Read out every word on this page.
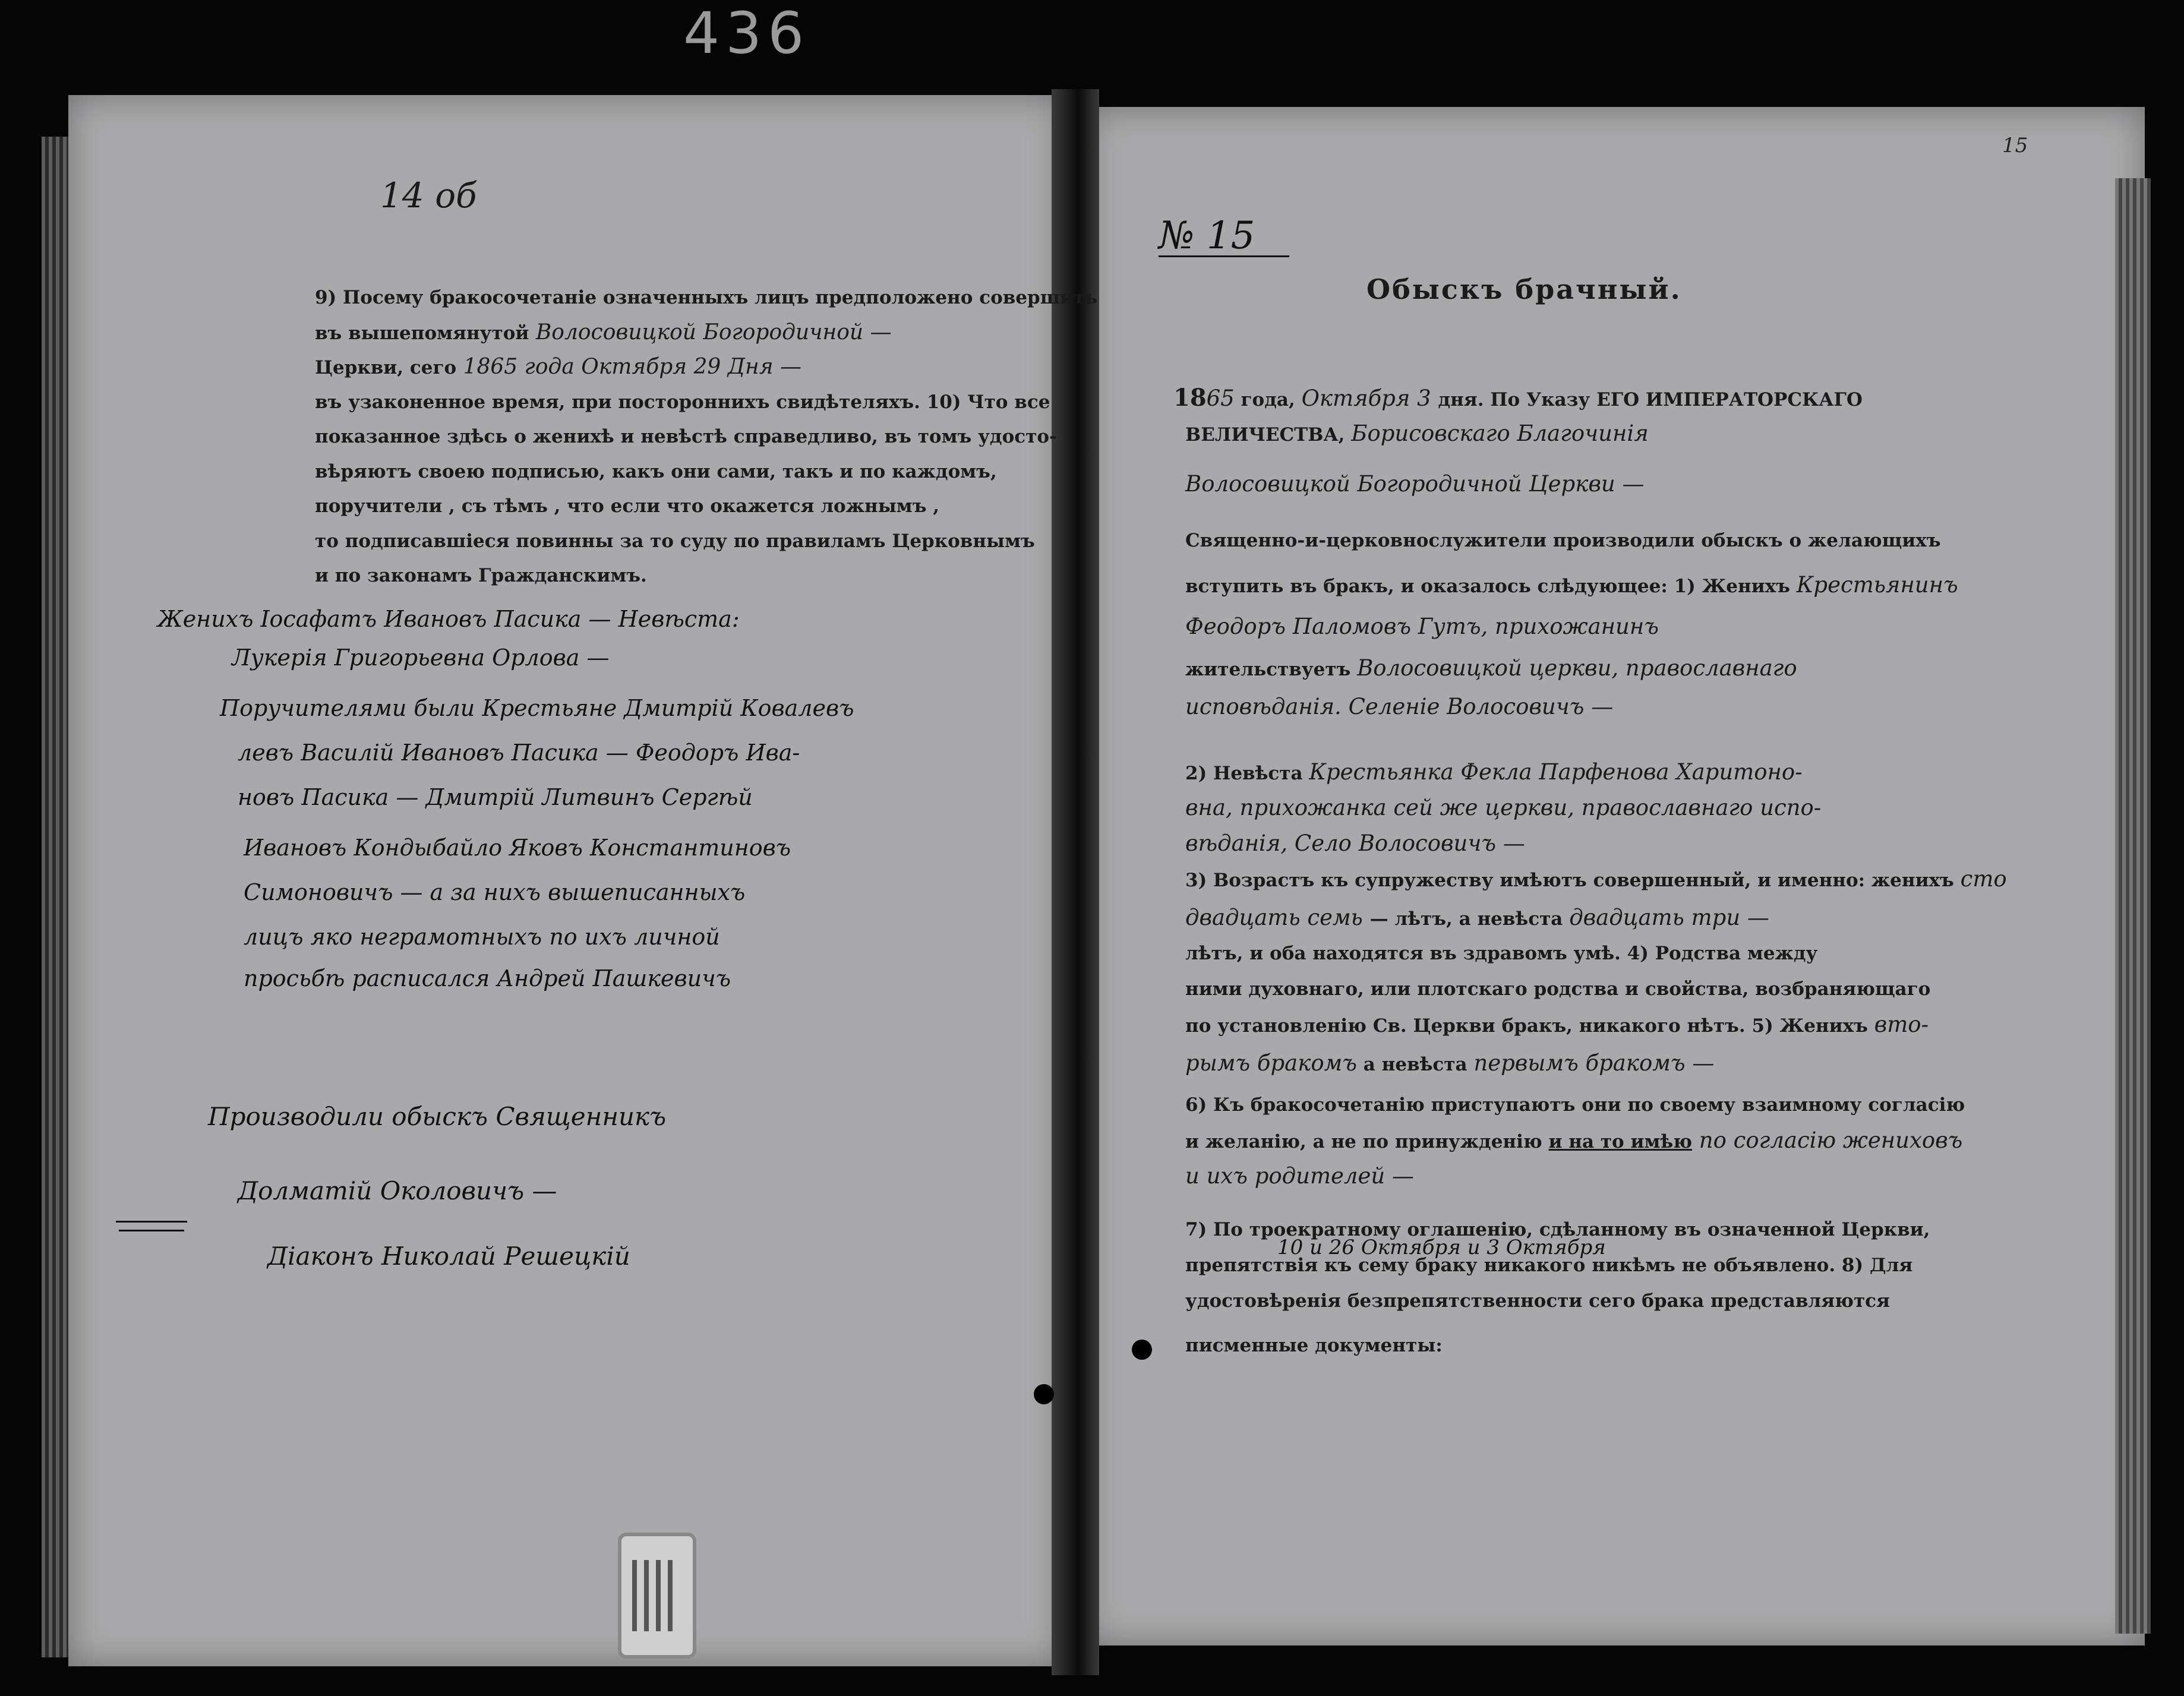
436
14 об
9) Посему бракосочетаніе означенныхъ лицъ предположено совершить
въ вышепомянутой Волосовицкой Богородичной —
Церкви, сего 1865 года Октября 29 Дня —
въ узаконенное время, при постороннихъ свидѣтеляхъ. 10) Что все
показанное здѣсь о женихѣ и невѣстѣ справедливо, въ томъ удосто-
вѣряютъ своею подписью, какъ они сами, такъ и по каждомъ,
поручители , съ тѣмъ , что если что окажется ложнымъ ,
то подписавшіеся повинны за то суду по правиламъ Церковнымъ
и по законамъ Гражданскимъ.
Женихъ Іосафатъ Ивановъ Пасика — Невѣста:
Лукерія Григорьевна Орлова —
Поручителями были Крестьяне Дмитрій Ковалевъ
левъ Василій Ивановъ Пасика — Феодоръ Ива-
новъ Пасика — Дмитрій Литвинъ Сергѣй
Ивановъ Кондыбайло Яковъ Константиновъ
Симоновичъ — а за нихъ вышеписанныхъ
лицъ яко неграмотныхъ по ихъ личной
просьбѣ расписался Андрей Пашкевичъ
Производили обыскъ Священникъ
Долматій Околовичъ —
Діаконъ Николай Решецкій
15
№ 15
Обыскъ брачный.
1865 года, Октября 3 дня. По Указу ЕГО ИМПЕРАТОРСКАГО
ВЕЛИЧЕСТВА, Борисовскаго Благочинія
Волосовицкой Богородичной Церкви —
Священно-и-церковнослужители производили обыскъ о желающихъ
вступить въ бракъ, и оказалось слѣдующее: 1) Женихъ Крестьянинъ
Феодоръ Паломовъ Гутъ, прихожанинъ
жительствуетъ Волосовицкой церкви, православнаго
исповѣданія. Селеніе Волосовичъ —
2) Невѣста Крестьянка Фекла Парфенова Харитоно-
вна, прихожанка сей же церкви, православнаго испо-
вѣданія, Село Волосовичъ —
3) Возрастъ къ супружеству имѣютъ совершенный, и именно: женихъ сто
двадцать семь — лѣтъ, а невѣста двадцать три —
лѣтъ, и оба находятся въ здравомъ умѣ. 4) Родства между
ними духовнаго, или плотскаго родства и свойства, возбраняющаго
по установленію Св. Церкви бракъ, никакого нѣтъ. 5) Женихъ вто-
рымъ бракомъ а невѣста первымъ бракомъ —
6) Къ бракосочетанію приступаютъ они по своему взаимному согласію
и желанію, а не по принужденію и на то имѣю по согласію жениховъ
и ихъ родителей —
7) По троекратному оглашенію, сдѣланному въ означенной Церкви,
препятствія къ сему браку никакого никѣмъ не объявлено. 8) Для
удостовѣренія безпрепятственности сего брака представляются
писменные документы:
10 и 26 Октября и 3 Октября
